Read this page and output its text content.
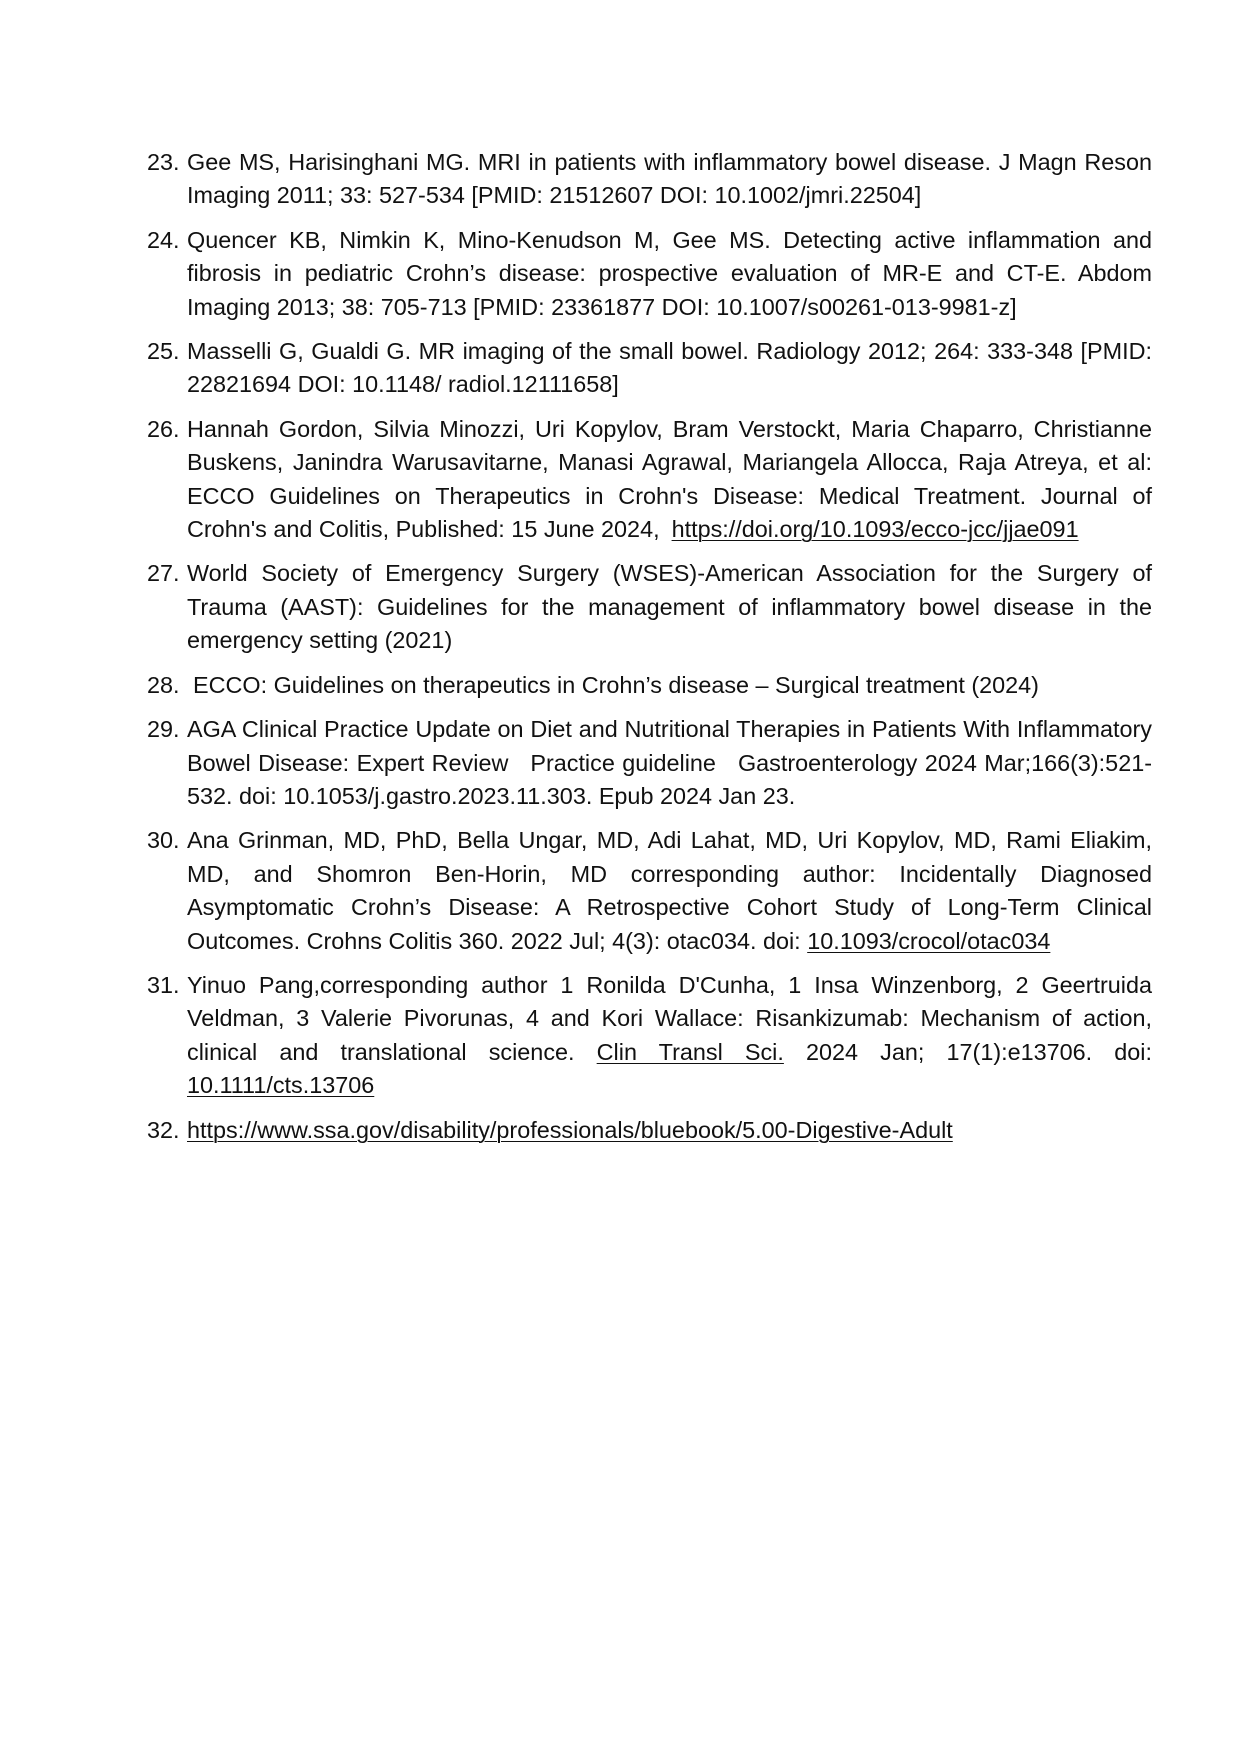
23. Gee MS, Harisinghani MG. MRI in patients with inflammatory bowel disease. J Magn Reson Imaging 2011; 33: 527-534 [PMID: 21512607 DOI: 10.1002/jmri.22504]
24. Quencer KB, Nimkin K, Mino-Kenudson M, Gee MS. Detecting active inflammation and fibrosis in pediatric Crohn’s disease: prospective evaluation of MR-E and CT-E. Abdom Imaging 2013; 38: 705-713 [PMID: 23361877 DOI: 10.1007/s00261-013-9981-z]
25. Masselli G, Gualdi G. MR imaging of the small bowel. Radiology 2012; 264: 333-348 [PMID: 22821694 DOI: 10.1148/ radiol.12111658]
26. Hannah Gordon, Silvia Minozzi, Uri Kopylov, Bram Verstockt, Maria Chaparro, Christianne Buskens, Janindra Warusavitarne, Manasi Agrawal, Mariangela Allocca, Raja Atreya, et al: ECCO Guidelines on Therapeutics in Crohn's Disease: Medical Treatment. Journal of Crohn's and Colitis, Published: 15 June 2024, https://doi.org/10.1093/ecco-jcc/jjae091
27. World Society of Emergency Surgery (WSES)-American Association for the Surgery of Trauma (AAST): Guidelines for the management of inflammatory bowel disease in the emergency setting (2021)
28. ECCO: Guidelines on therapeutics in Crohn’s disease – Surgical treatment (2024)
29. AGA Clinical Practice Update on Diet and Nutritional Therapies in Patients With Inflammatory Bowel Disease: Expert Review Practice guideline Gastroenterology 2024 Mar;166(3):521-532. doi: 10.1053/j.gastro.2023.11.303. Epub 2024 Jan 23.
30. Ana Grinman, MD, PhD, Bella Ungar, MD, Adi Lahat, MD, Uri Kopylov, MD, Rami Eliakim, MD, and Shomron Ben-Horin, MD corresponding author: Incidentally Diagnosed Asymptomatic Crohn’s Disease: A Retrospective Cohort Study of Long-Term Clinical Outcomes. Crohns Colitis 360. 2022 Jul; 4(3): otac034. doi: 10.1093/crocol/otac034
31. Yinuo Pang,corresponding author 1 Ronilda D'Cunha, 1 Insa Winzenborg, 2 Geertruida Veldman, 3 Valerie Pivorunas, 4 and Kori Wallace: Risankizumab: Mechanism of action, clinical and translational science. Clin Transl Sci. 2024 Jan; 17(1):e13706. doi: 10.1111/cts.13706
32. https://www.ssa.gov/disability/professionals/bluebook/5.00-Digestive-Adult
